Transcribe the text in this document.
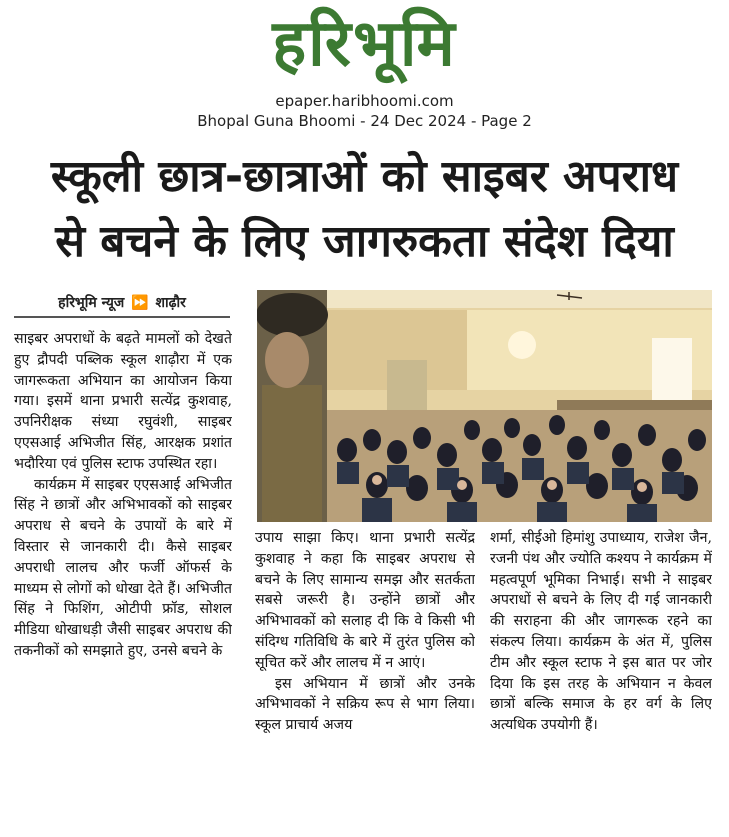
हरिभूमि
epaper.haribhoomi.com
Bhopal Guna Bhoomi - 24 Dec 2024 - Page 2
स्कूली छात्र-छात्राओं को साइबर अपराध
से बचने के लिए जागरुकता संदेश दिया
हरिभूमि न्यूज ⏩ शाढ़ौर

साइबर अपराधों के बढ़ते मामलों को देखते हुए द्रौपदी पब्लिक स्कूल शाढ़ौरा में एक जागरूकता अभियान का आयोजन किया गया। इसमें थाना प्रभारी सत्येंद्र कुशवाह, उपनिरीक्षक संध्या रघुवंशी, साइबर एएसआई अभिजीत सिंह, आरक्षक प्रशांत भदौरिया एवं पुलिस स्टाफ उपस्थित रहा।

कार्यक्रम में साइबर एएसआई अभिजीत सिंह ने छात्रों और अभिभावकों को साइबर अपराध से बचने के उपायों के बारे में विस्तार से जानकारी दी। कैसे साइबर अपराधी लालच और फर्जी ऑफर्स के माध्यम से लोगों को धोखा देते हैं। अभिजीत सिंह ने फिशिंग, ओटीपी फ्रॉड, सोशल मीडिया धोखाधड़ी जैसी साइबर अपराध की तकनीकों को समझाते हुए, उनसे बचने के

उपाय साझा किए। थाना प्रभारी सत्येंद्र कुशवाह ने कहा कि साइबर अपराध से बचने के लिए सामान्य समझ और सतर्कता सबसे जरूरी है। उन्होंने छात्रों और अभिभावकों को सलाह दी कि वे किसी भी संदिग्ध गतिविधि के बारे में तुरंत पुलिस को सूचित करें और लालच में न आएं।

इस अभियान में छात्रों और उनके अभिभावकों ने सक्रिय रूप से भाग लिया। स्कूल प्राचार्य अजय

शर्मा, सीईओ हिमांशु उपाध्याय, राजेश जैन, रजनी पंथ और ज्योति कश्यप ने कार्यक्रम में महत्वपूर्ण भूमिका निभाई। सभी ने साइबर अपराधों से बचने के लिए दी गई जानकारी की सराहना की और जागरूक रहने का संकल्प लिया। कार्यक्रम के अंत में, पुलिस टीम और स्कूल स्टाफ ने इस बात पर जोर दिया कि इस तरह के अभियान न केवल छात्रों बल्कि समाज के हर वर्ग के लिए अत्यधिक उपयोगी हैं।
